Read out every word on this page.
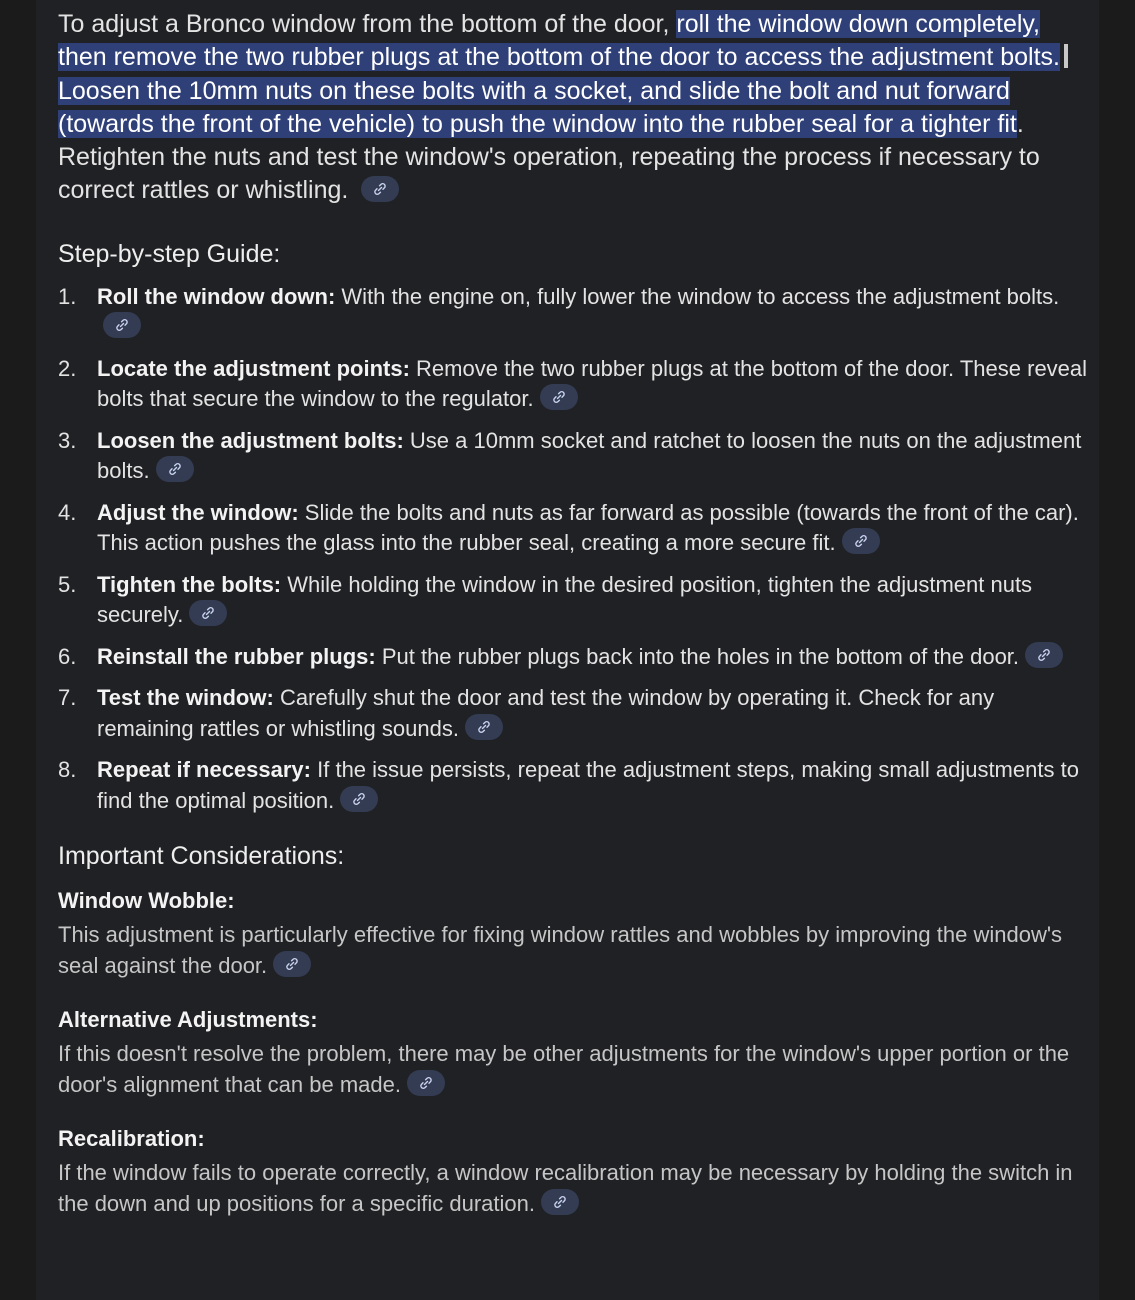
To adjust a Bronco window from the bottom of the door, roll the window down completely, then remove the two rubber plugs at the bottom of the door to access the adjustment bolts.Loosen the 10mm nuts on these bolts with a socket, and slide the bolt and nut forward (towards the front of the vehicle) to push the window into the rubber seal for a tighter fit. Retighten the nuts and test the window's operation, repeating the process if necessary to correct rattles or whistling.

Step-by-step Guide:
1. Roll the window down: With the engine on, fully lower the window to access the adjustment bolts.
2. Locate the adjustment points: Remove the two rubber plugs at the bottom of the door. These reveal bolts that secure the window to the regulator.
3. Loosen the adjustment bolts: Use a 10mm socket and ratchet to loosen the nuts on the adjustment bolts.
4. Adjust the window: Slide the bolts and nuts as far forward as possible (towards the front of the car). This action pushes the glass into the rubber seal, creating a more secure fit.
5. Tighten the bolts: While holding the window in the desired position, tighten the adjustment nuts securely.
6. Reinstall the rubber plugs: Put the rubber plugs back into the holes in the bottom of the door.
7. Test the window: Carefully shut the door and test the window by operating it. Check for any remaining rattles or whistling sounds.
8. Repeat if necessary: If the issue persists, repeat the adjustment steps, making small adjustments to find the optimal position.
Important Considerations:
Window Wobble:

This adjustment is particularly effective for fixing window rattles and wobbles by improving the window's seal against the door.

Alternative Adjustments:

If this doesn't resolve the problem, there may be other adjustments for the window's upper portion or the door's alignment that can be made.

Recalibration:

If the window fails to operate correctly, a window recalibration may be necessary by holding the switch in the down and up positions for a specific duration.
